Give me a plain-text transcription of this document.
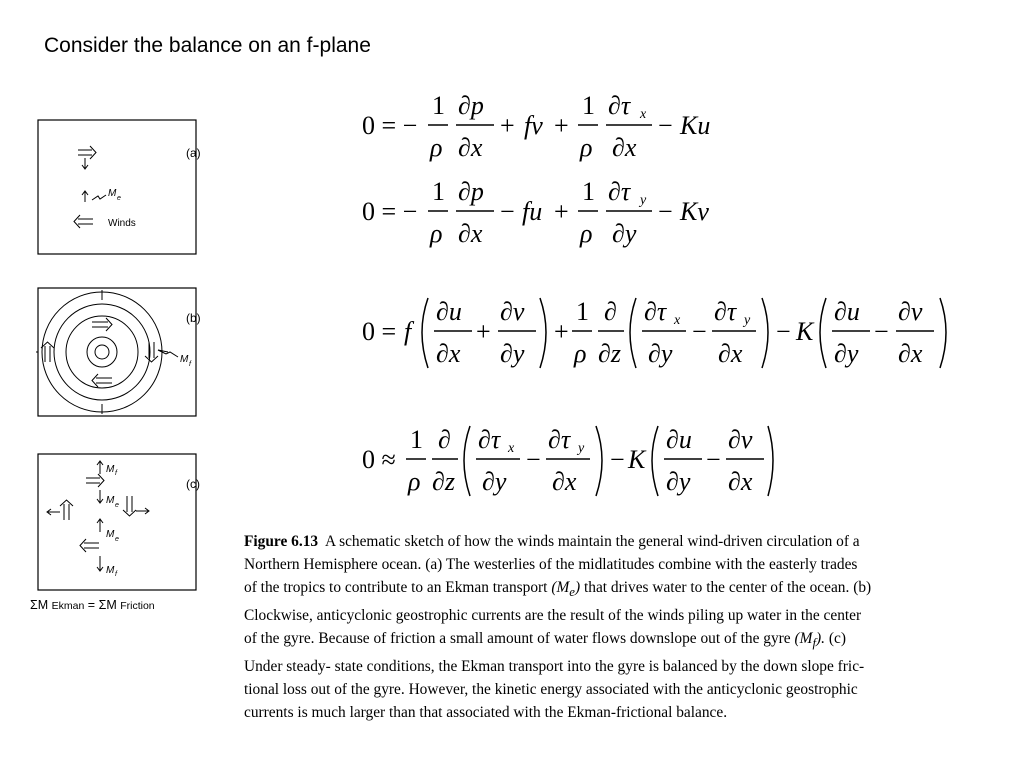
Consider the balance on an f-plane
M e
Winds
(a)
M f
(b)
M f
M e
M e
M f
(c)
ΣM Ekman = ΣM Friction
0 = −
1
ρ
∂p
∂x
+ fv +
1
ρ
∂τ x
∂x
− Ku
0 = −
1
ρ
∂p
∂x
− fu +
1
ρ
∂τ y
∂y
− Kv
0 = f
∂u
∂x
+
∂v
∂y
+
1
ρ
∂
∂z
∂τ x
∂y
−
∂τ y
∂x
− K
∂u
∂y
−
∂v
∂x
0 ≈
1
ρ
∂
∂z
∂τ x
∂y
−
∂τ y
∂x
− K
∂u
∂y
−
∂v
∂x
Figure 6.13 A schematic sketch of how the winds maintain the general wind-driven circulation of a
Northern Hemisphere ocean. (a) The westerlies of the midlatitudes combine with the easterly trades
of the tropics to contribute to an Ekman transport $(M_e)$ that drives water to the center of the ocean. (b)
Clockwise, anticyclonic geostrophic currents are the result of the winds piling up water in the center
of the gyre. Because of friction a small amount of water flows downslope out of the gyre $(M_f)$. (c)
Under steady- state conditions, the Ekman transport into the gyre is balanced by the down slope fric-
tional loss out of the gyre. However, the kinetic energy associated with the anticyclonic geostrophic
currents is much larger than that associated with the Ekman-frictional balance.
